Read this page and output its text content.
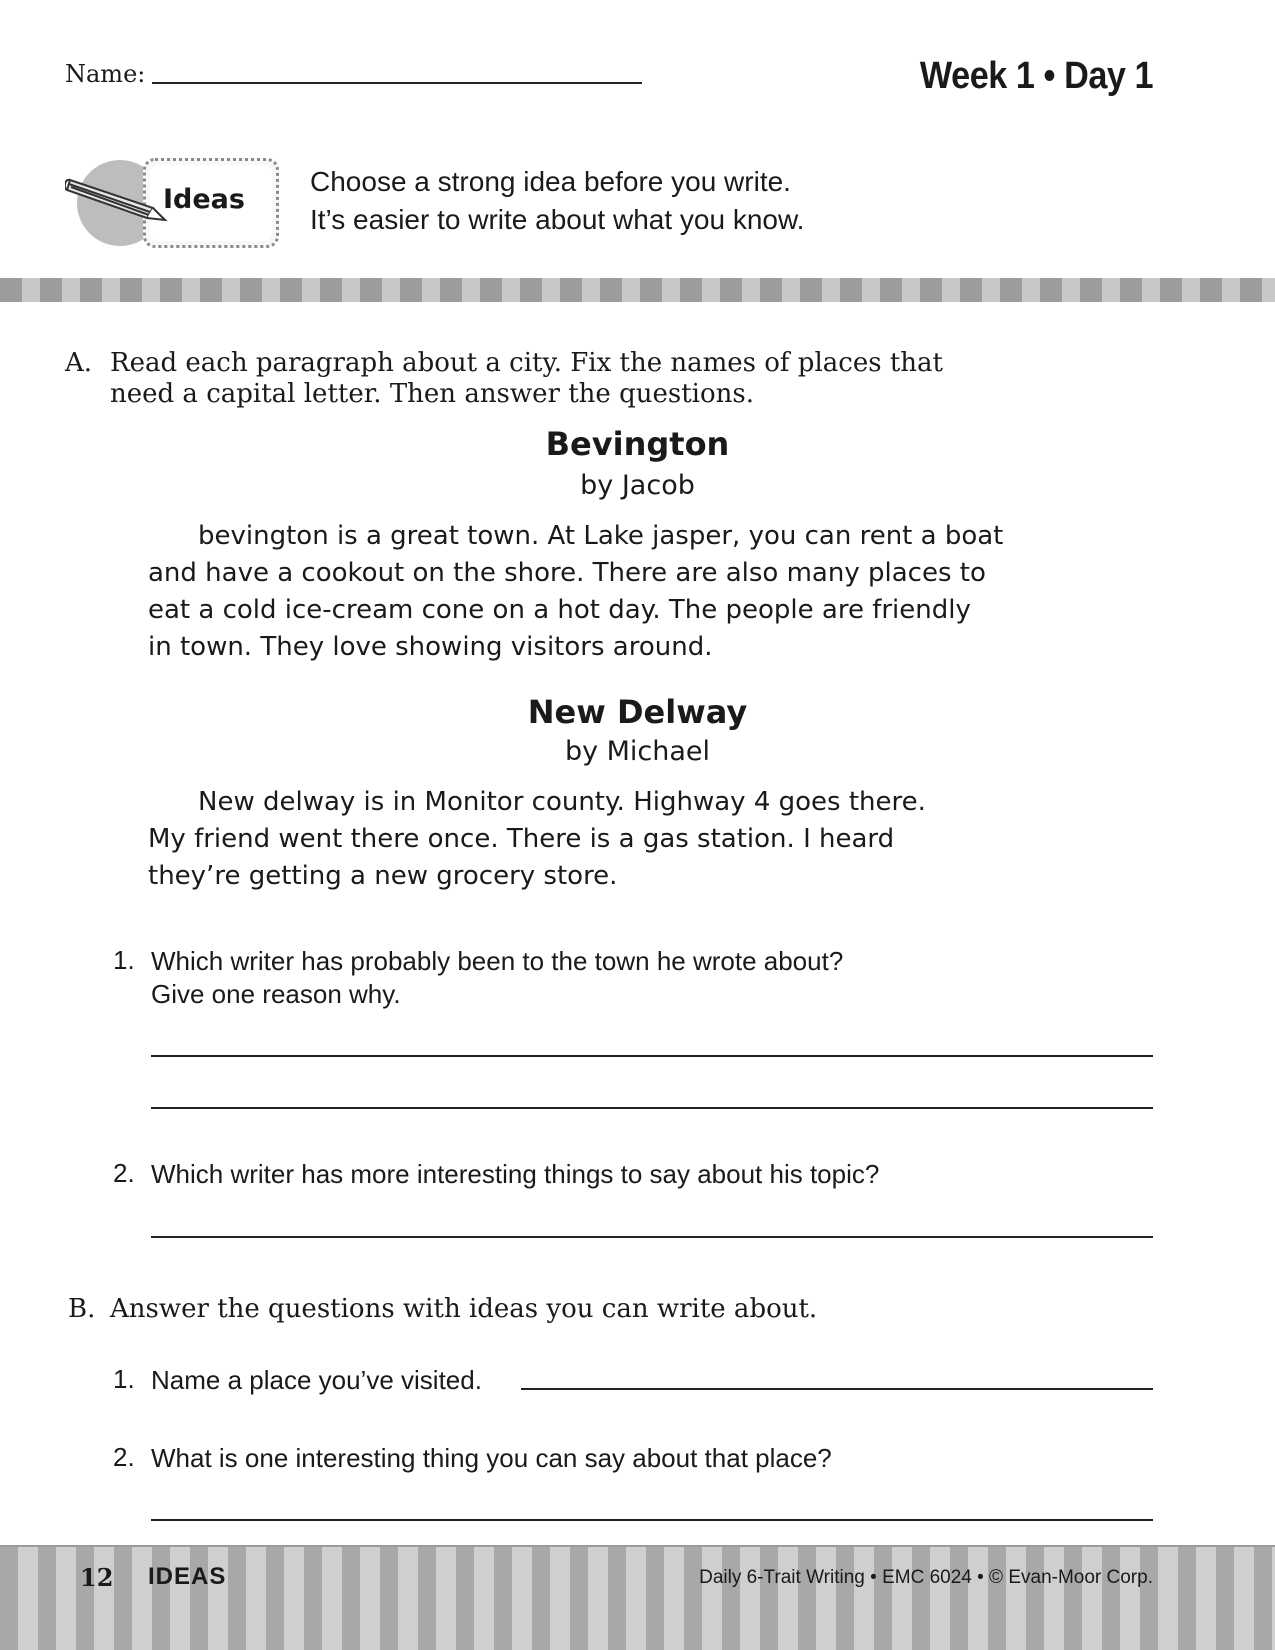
Name:	Week 1 • Day 1
Ideas
Choose a strong idea before you write.
It’s easier to write about what you know.
A. Read each paragraph about a city. Fix the names of places that
need a capital letter. Then answer the questions.
Bevington
by Jacob
bevington is a great town. At Lake jasper, you can rent a boat
and have a cookout on the shore. There are also many places to
eat a cold ice-cream cone on a hot day. The people are friendly
in town. They love showing visitors around.
New Delway
by Michael
New delway is in Monitor county. Highway 4 goes there.
My friend went there once. There is a gas station. I heard
they’re getting a new grocery store.
1. Which writer has probably been to the town he wrote about?
Give one reason why.
2. Which writer has more interesting things to say about his topic?
B. Answer the questions with ideas you can write about.
1. Name a place you’ve visited.
2. What is one interesting thing you can say about that place?
12 IDEAS	Daily 6-Trait Writing • EMC 6024 • © Evan-Moor Corp.
